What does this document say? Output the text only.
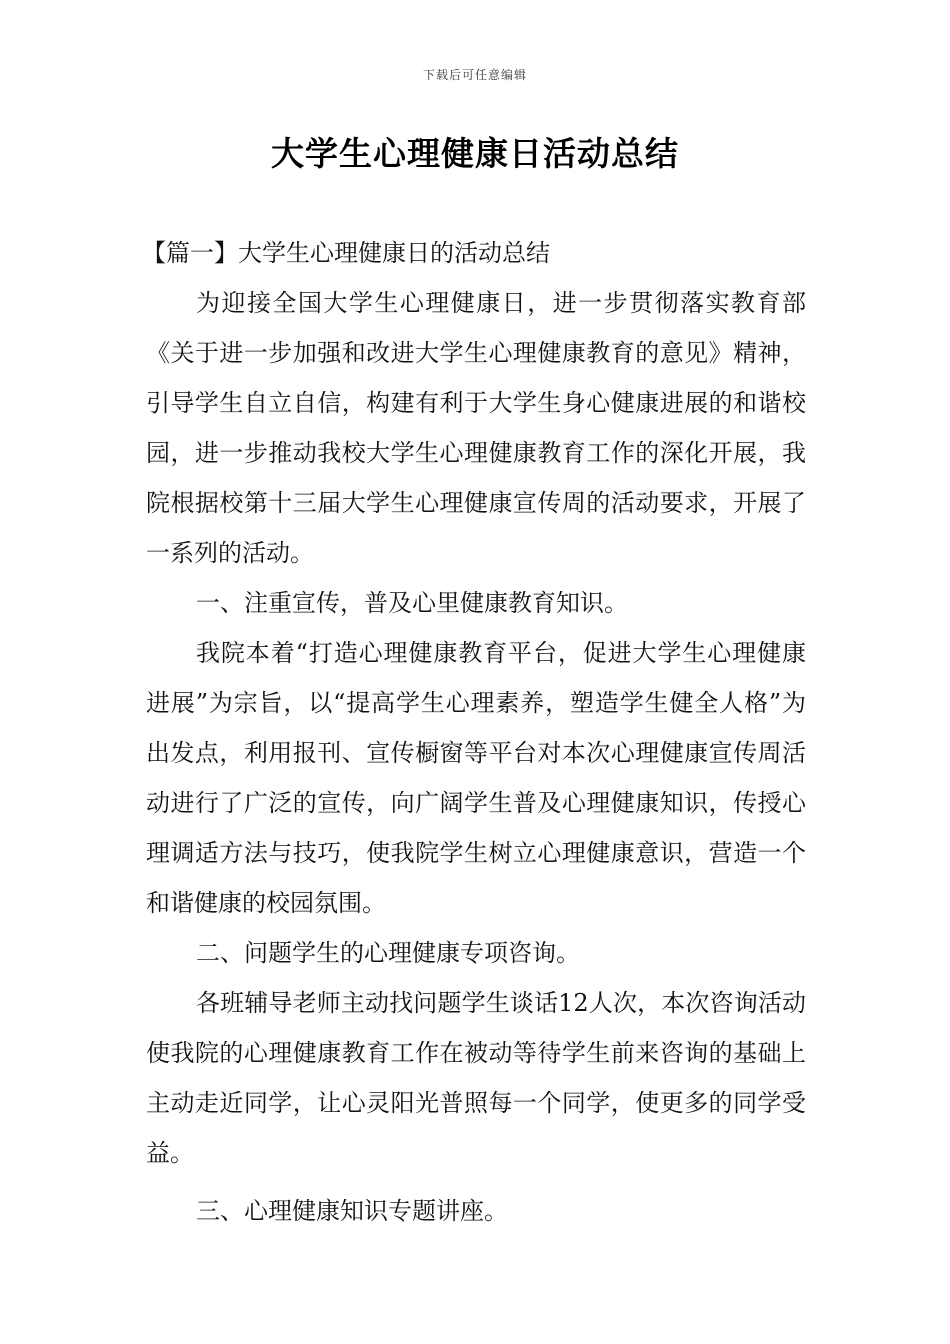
下载后可任意编辑
大学生心理健康日活动总结

【篇一】大学生心理健康日的活动总结

为迎接全国大学生心理健康日，进一步贯彻落实教育部《关于进一步加强和改进大学生心理健康教育的意见》精神，引导学生自立自信，构建有利于大学生身心健康进展的和谐校园，进一步推动我校大学生心理健康教育工作的深化开展，我院根据校第十三届大学生心理健康宣传周的活动要求，开展了一系列的活动。

一、注重宣传，普及心里健康教育知识。

我院本着“打造心理健康教育平台，促进大学生心理健康进展”为宗旨，以“提高学生心理素养，塑造学生健全人格”为出发点，利用报刊、宣传橱窗等平台对本次心理健康宣传周活动进行了广泛的宣传，向广阔学生普及心理健康知识，传授心理调适方法与技巧，使我院学生树立心理健康意识，营造一个和谐健康的校园氛围。

二、问题学生的心理健康专项咨询。

各班辅导老师主动找问题学生谈话12人次，本次咨询活动使我院的心理健康教育工作在被动等待学生前来咨询的基础上主动走近同学，让心灵阳光普照每一个同学，使更多的同学受益。

三、心理健康知识专题讲座。
